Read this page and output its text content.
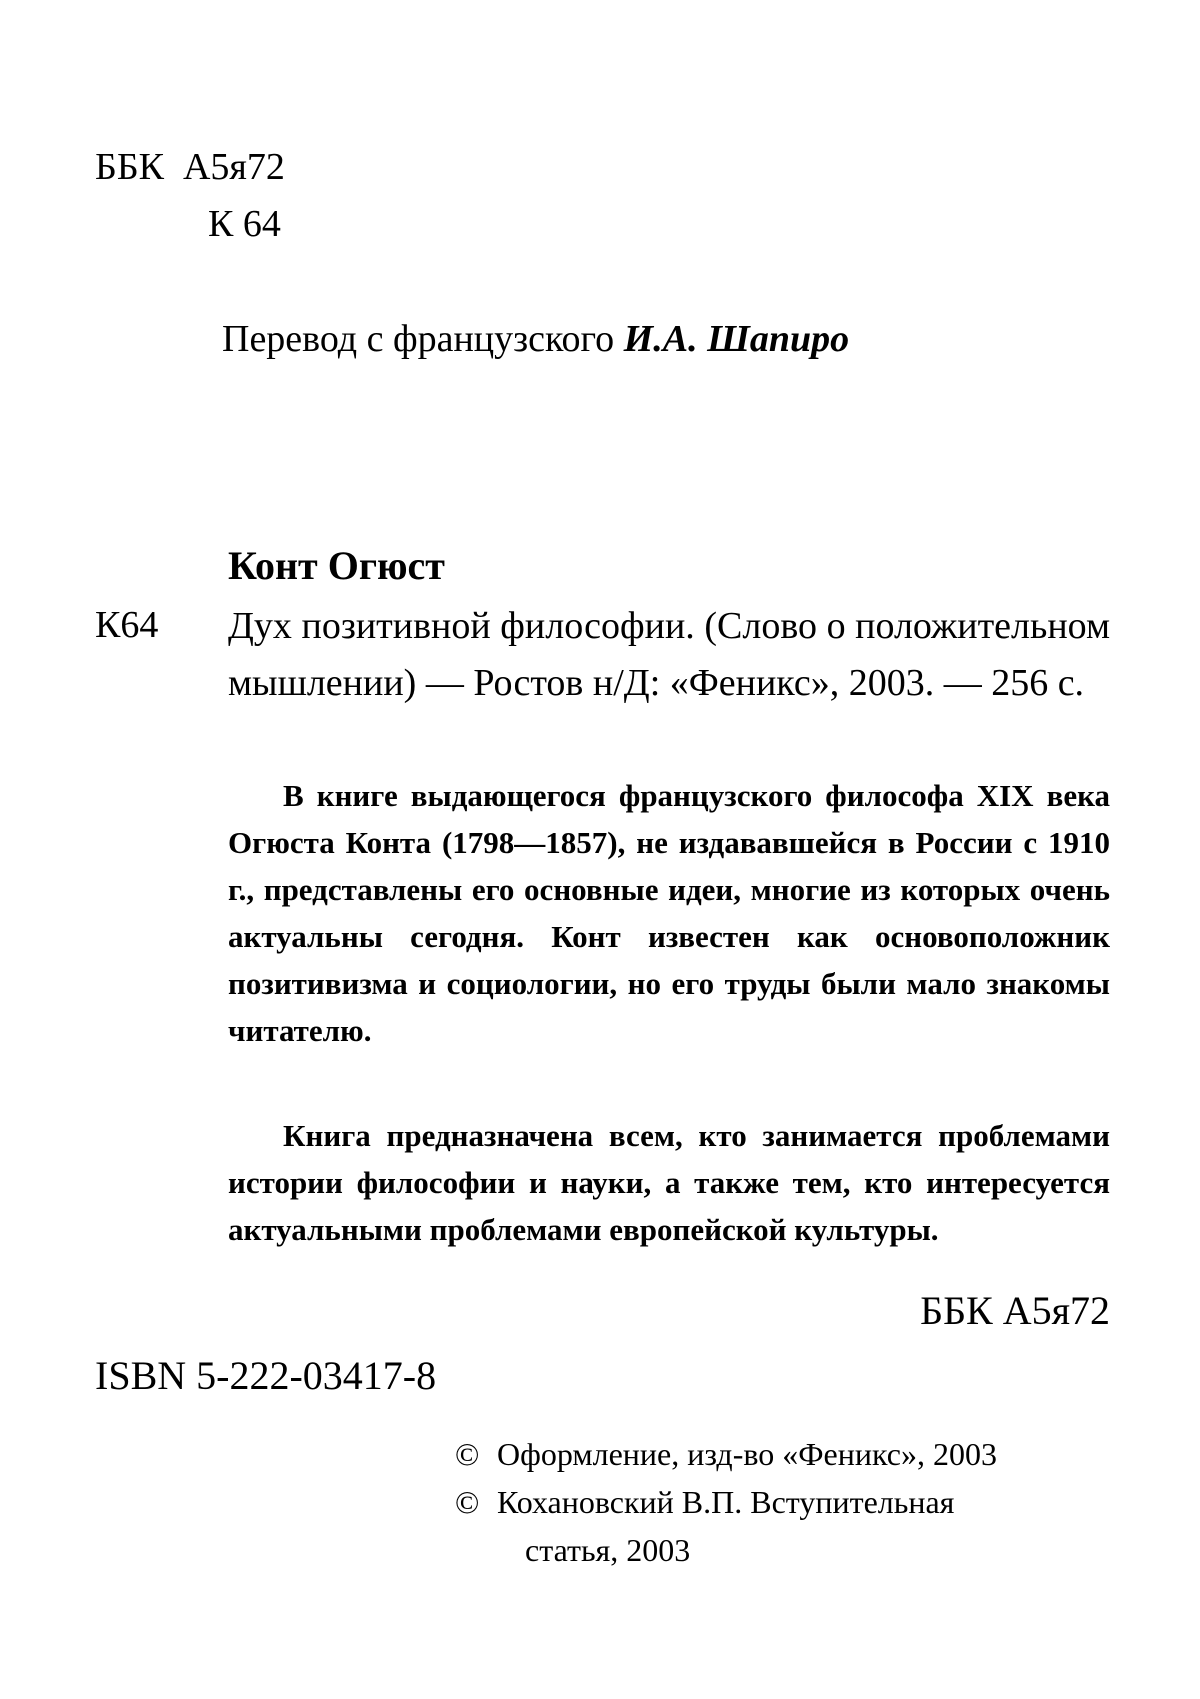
ББК  А5я72
К 64
Перевод с французского И.А. Шапиро
Конт Огюст
К64 Дух позитивной философии. (Слово о положительном мышлении) — Ростов н/Д: «Феникс», 2003. — 256 с.

В книге выдающегося французского философа XIX века Огюста Конта (1798—1857), не издававшейся в России с 1910 г., представлены его основные идеи, многие из которых очень актуальны сегодня. Конт известен как основоположник позитивизма и социологии, но его труды были мало знакомы читателю.

Книга предназначена всем, кто занимается проблемами истории философии и науки, а также тем, кто интересуется актуальными проблемами европейской культуры.

ББК А5я72
ISBN 5-222-03417-8
© Оформление, изд-во «Феникс», 2003
© Кохановский В.П. Вступительная
статья, 2003
